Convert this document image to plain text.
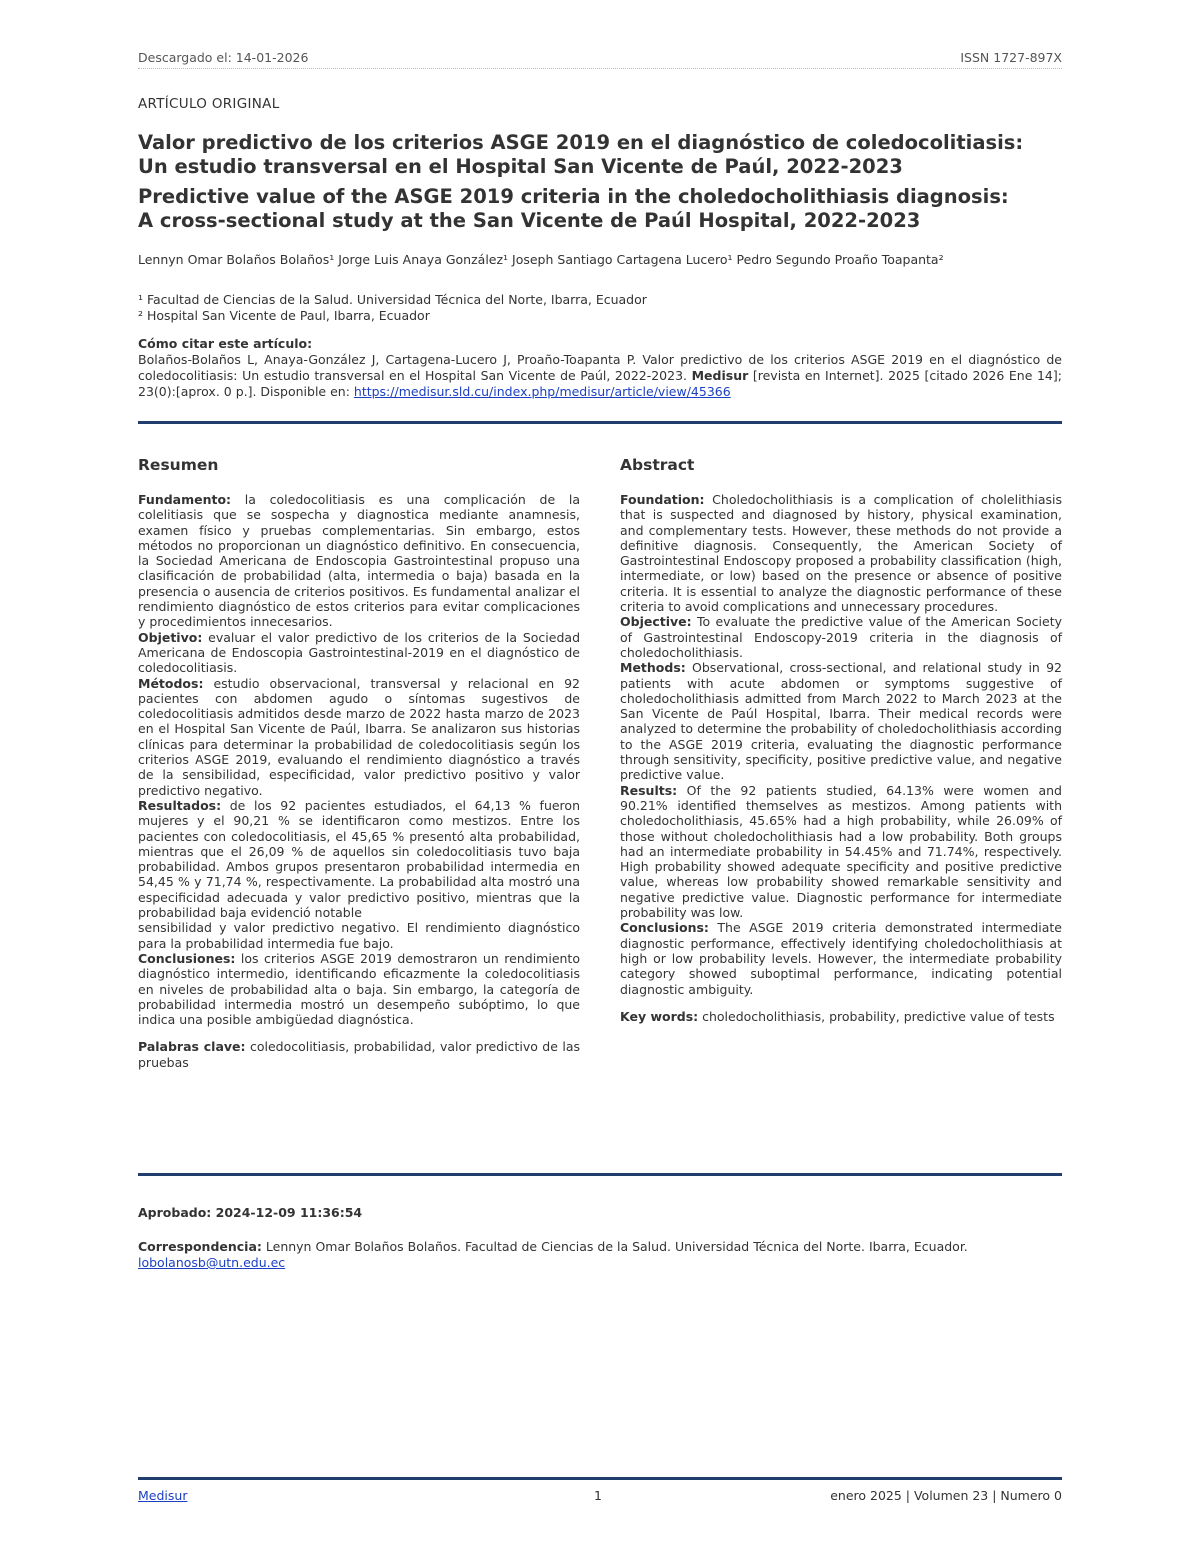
Descargado el: 14-01-2026	ISSN 1727-897X
ARTÍCULO ORIGINAL
Valor predictivo de los criterios ASGE 2019 en el diagnóstico de coledocolitiasis:
Un estudio transversal en el Hospital San Vicente de Paúl, 2022-2023
Predictive value of the ASGE 2019 criteria in the choledocholithiasis diagnosis:
A cross-sectional study at the San Vicente de Paúl Hospital, 2022-2023
Lennyn Omar Bolaños Bolaños¹ Jorge Luis Anaya González¹ Joseph Santiago Cartagena Lucero¹ Pedro Segundo Proaño Toapanta²
¹ Facultad de Ciencias de la Salud. Universidad Técnica del Norte, Ibarra, Ecuador
² Hospital San Vicente de Paul, Ibarra, Ecuador
Cómo citar este artículo:
Bolaños-Bolaños L, Anaya-González J, Cartagena-Lucero J, Proaño-Toapanta P. Valor predictivo de los criterios ASGE 2019 en el diagnóstico de coledocolitiasis: Un estudio transversal en el Hospital San Vicente de Paúl, 2022-2023. Medisur [revista en Internet]. 2025 [citado 2026 Ene 14]; 23(0):[aprox. 0 p.]. Disponible en: https://medisur.sld.cu/index.php/medisur/article/view/45366
Resumen

Fundamento: la coledocolitiasis es una complicación de la colelitiasis que se sospecha y diagnostica mediante anamnesis, examen físico y pruebas complementarias. Sin embargo, estos métodos no proporcionan un diagnóstico definitivo. En consecuencia, la Sociedad Americana de Endoscopia Gastrointestinal propuso una clasificación de probabilidad (alta, intermedia o baja) basada en la presencia o ausencia de criterios positivos. Es fundamental analizar el rendimiento diagnóstico de estos criterios para evitar complicaciones y procedimientos innecesarios.

Objetivo: evaluar el valor predictivo de los criterios de la Sociedad Americana de Endoscopia Gastrointestinal-2019 en el diagnóstico de coledocolitiasis.

Métodos: estudio observacional, transversal y relacional en 92 pacientes con abdomen agudo o síntomas sugestivos de coledocolitiasis admitidos desde marzo de 2022 hasta marzo de 2023 en el Hospital San Vicente de Paúl, Ibarra. Se analizaron sus historias clínicas para determinar la probabilidad de coledocolitiasis según los criterios ASGE 2019, evaluando el rendimiento diagnóstico a través de la sensibilidad, especificidad, valor predictivo positivo y valor predictivo negativo.

Resultados: de los 92 pacientes estudiados, el 64,13 % fueron mujeres y el 90,21 % se identificaron como mestizos. Entre los pacientes con coledocolitiasis, el 45,65 % presentó alta probabilidad, mientras que el 26,09 % de aquellos sin coledocolitiasis tuvo baja probabilidad. Ambos grupos presentaron probabilidad intermedia en 54,45 % y 71,74 %, respectivamente. La probabilidad alta mostró una especificidad adecuada y valor predictivo positivo, mientras que la probabilidad baja evidenció notable

sensibilidad y valor predictivo negativo. El rendimiento diagnóstico para la probabilidad intermedia fue bajo.

Conclusiones: los criterios ASGE 2019 demostraron un rendimiento diagnóstico intermedio, identificando eficazmente la coledocolitiasis en niveles de probabilidad alta o baja. Sin embargo, la categoría de probabilidad intermedia mostró un desempeño subóptimo, lo que indica una posible ambigüedad diagnóstica.

Palabras clave: coledocolitiasis, probabilidad, valor predictivo de las pruebas

Abstract

Foundation: Choledocholithiasis is a complication of cholelithiasis that is suspected and diagnosed by history, physical examination, and complementary tests. However, these methods do not provide a definitive diagnosis. Consequently, the American Society of Gastrointestinal Endoscopy proposed a probability classification (high, intermediate, or low) based on the presence or absence of positive criteria. It is essential to analyze the diagnostic performance of these criteria to avoid complications and unnecessary procedures.

Objective: To evaluate the predictive value of the American Society of Gastrointestinal Endoscopy-2019 criteria in the diagnosis of choledocholithiasis.

Methods: Observational, cross-sectional, and relational study in 92 patients with acute abdomen or symptoms suggestive of choledocholithiasis admitted from March 2022 to March 2023 at the San Vicente de Paúl Hospital, Ibarra. Their medical records were analyzed to determine the probability of choledocholithiasis according to the ASGE 2019 criteria, evaluating the diagnostic performance through sensitivity, specificity, positive predictive value, and negative predictive value.

Results: Of the 92 patients studied, 64.13% were women and 90.21% identified themselves as mestizos. Among patients with choledocholithiasis, 45.65% had a high probability, while 26.09% of those without choledocholithiasis had a low probability. Both groups had an intermediate probability in 54.45% and 71.74%, respectively. High probability showed adequate specificity and positive predictive value, whereas low probability showed remarkable sensitivity and negative predictive value. Diagnostic performance for intermediate probability was low.

Conclusions: The ASGE 2019 criteria demonstrated intermediate diagnostic performance, effectively identifying choledocholithiasis at high or low probability levels. However, the intermediate probability category showed suboptimal performance, indicating potential diagnostic ambiguity.

Key words: choledocholithiasis, probability, predictive value of tests

Aprobado: 2024-12-09 11:36:54
Correspondencia: Lennyn Omar Bolaños Bolaños. Facultad de Ciencias de la Salud. Universidad Técnica del Norte. Ibarra, Ecuador.
lobolanosb@utn.edu.ec
Medisur	1	enero 2025 | Volumen 23 | Numero 0
